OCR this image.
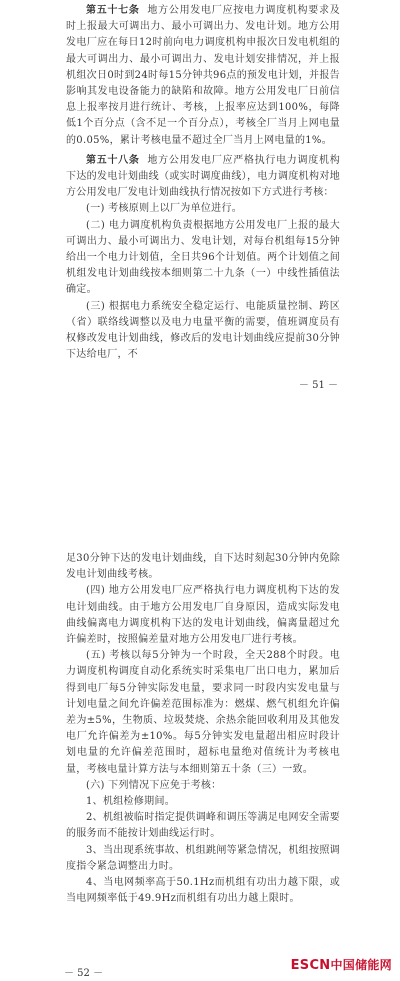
第五十七条 地方公用发电厂应按电力调度机构要求及时上报最大可调出力、最小可调出力、发电计划。地方公用发电厂应在每日12时前向电力调度机构申报次日发电机组的最大可调出力、最小可调出力、发电计划安排情况，并上报机组次日0时到24时每15分钟共96点的预发电计划，并报告影响其发电设备能力的缺陷和故障。地方公用发电厂日前信息上报率按月进行统计、考核，上报率应达到100%，每降低1个百分点（含不足一个百分点），考核全厂当月上网电量的0.05%，累计考核电量不超过全厂当月上网电量的1%。

第五十八条 地方公用发电厂应严格执行电力调度机构下达的发电计划曲线（或实时调度曲线），电力调度机构对地方公用发电厂发电计划曲线执行情况按如下方式进行考核：

(一) 考核原则上以厂为单位进行。

(二) 电力调度机构负责根据地方公用发电厂上报的最大可调出力、最小可调出力、发电计划，对每台机组每15分钟给出一个电力计划值，全日共96个计划值。两个计划值之间机组发电计划曲线按本细则第二十九条（一）中线性插值法确定。

(三) 根据电力系统安全稳定运行、电能质量控制、跨区（省）联络线调整以及电力电量平衡的需要，值班调度员有权修改发电计划曲线，修改后的发电计划曲线应提前30分钟下达给电厂，不

－ 51 －

足30分钟下达的发电计划曲线，自下达时刻起30分钟内免除发电计划曲线考核。

(四) 地方公用发电厂应严格执行电力调度机构下达的发电计划曲线。由于地方公用发电厂自身原因，造成实际发电曲线偏离电力调度机构下达的发电计划曲线，偏离量超过允许偏差时，按照偏差量对地方公用发电厂进行考核。

(五) 考核以每5分钟为一个时段，全天288个时段。电力调度机构调度自动化系统实时采集电厂出口电力，累加后得到电厂每5分钟实际发电量，要求同一时段内实发电量与计划电量之间允许偏差范围标准为：燃煤、燃气机组允许偏差为±5%，生物质、垃圾焚烧、余热余能回收利用及其他发电厂允许偏差为±10%。每5分钟实发电量超出相应时段计划电量的允许偏差范围时，超标电量绝对值统计为考核电量，考核电量计算方法与本细则第五十条（三）一致。

(六) 下列情况下应免于考核：

1、机组检修期间。

2、机组被临时指定提供调峰和调压等满足电网安全需要的服务而不能按计划曲线运行时。

3、当出现系统事故、机组跳闸等紧急情况，机组按照调度指令紧急调整出力时。

4、当电网频率高于50.1Hz而机组有功出力越下限，或当电网频率低于49.9Hz而机组有功出力越上限时。

－ 52 －
ESCN中国储能网
